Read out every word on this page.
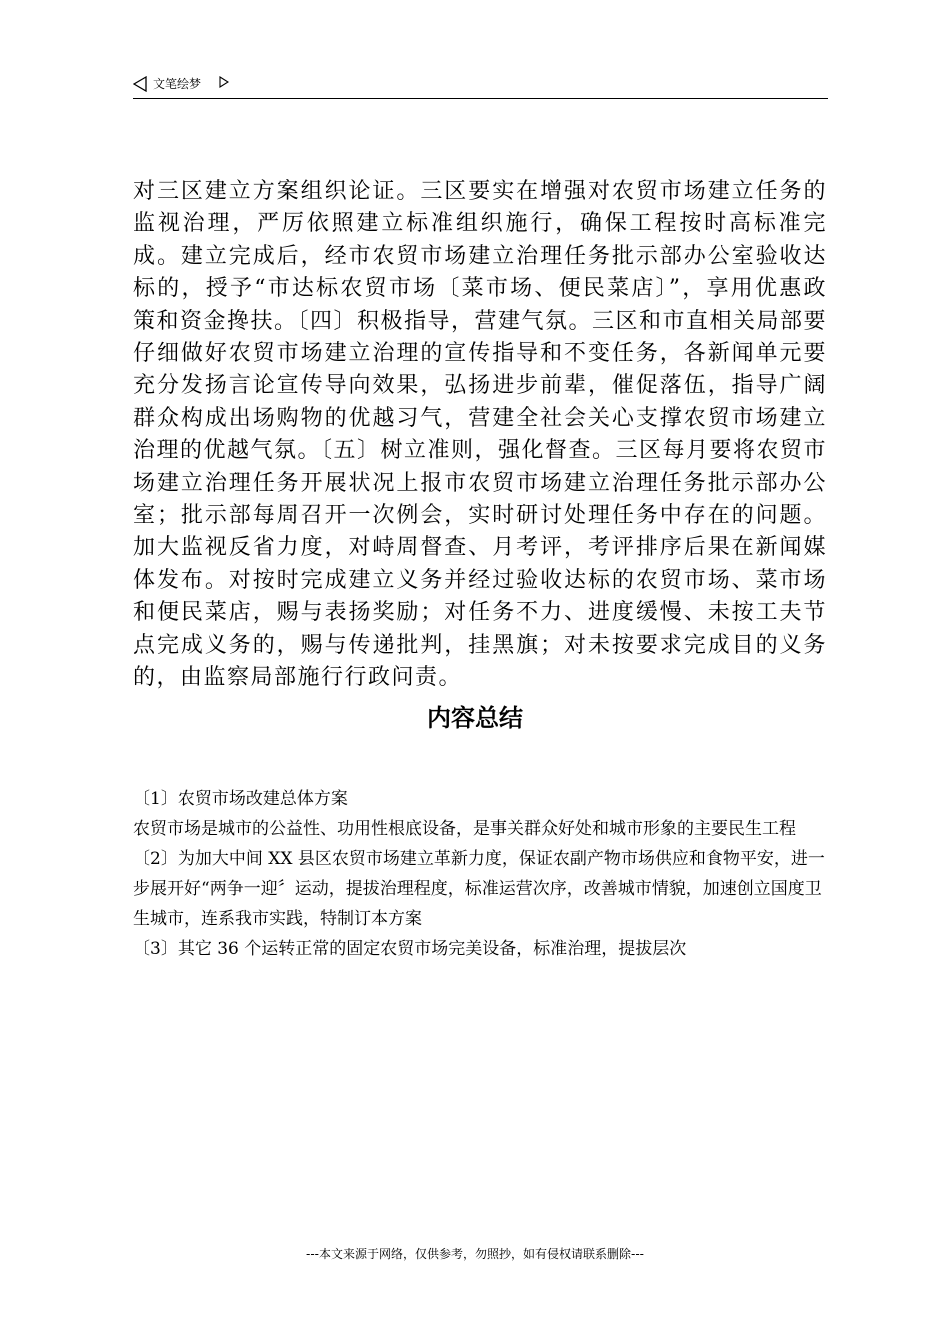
文笔绘梦

对三区建立方案组织论证。三区要实在增强对农贸市场建立任务的监视治理，严厉依照建立标准组织施行，确保工程按时高标准完成。建立完成后，经市农贸市场建立治理任务批示部办公室验收达标的，授予“市达标农贸市场〔菜市场、便民菜店〕”，享用优惠政策和资金搀扶。〔四〕积极指导，营建气氛。三区和市直相关局部要仔细做好农贸市场建立治理的宣传指导和不变任务，各新闻单元要充分发扬言论宣传导向效果，弘扬进步前辈，催促落伍，指导广阔群众构成出场购物的优越习气，营建全社会关心支撑农贸市场建立治理的优越气氛。〔五〕树立准则，强化督查。三区每月要将农贸市场建立治理任务开展状况上报市农贸市场建立治理任务批示部办公室；批示部每周召开一次例会，实时研讨处理任务中存在的问题。加大监视反省力度，对峙周督查、月考评，考评排序后果在新闻媒体发布。对按时完成建立义务并经过验收达标的农贸市场、菜市场和便民菜店，赐与表扬奖励；对任务不力、进度缓慢、未按工夫节点完成义务的，赐与传递批判，挂黑旗；对未按要求完成目的义务的，由监察局部施行行政问责。

内容总结
〔1〕农贸市场改建总体方案
农贸市场是城市的公益性、功用性根底设备，是事关群众好处和城市形象的主要民生工程
〔2〕为加大中间 XX 县区农贸市场建立革新力度，保证农副产物市场供应和食物平安，进一步展开好“两争一迎〞运动，提拔治理程度，标准运营次序，改善城市情貌，加速创立国度卫生城市，连系我市实践，特制订本方案
〔3〕其它 36 个运转正常的固定农贸市场完美设备，标准治理，提拔层次
---本文来源于网络，仅供参考，勿照抄，如有侵权请联系删除---
